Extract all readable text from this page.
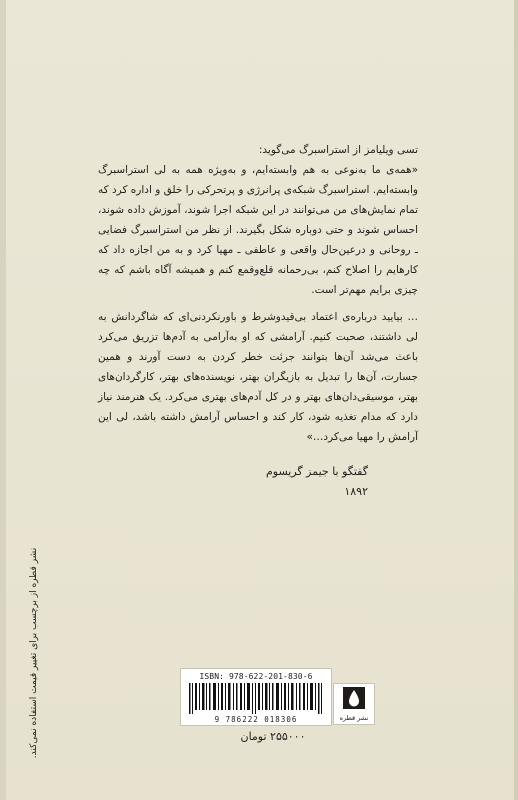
تسی ویلیامز از استراسبرگ می‌گوید:

«همه‌ی ما به‌نوعی به هم وابسته‌ایم، و به‌ویژه همه به لی استراسبرگ وابسته‌ایم. استراسبرگ شبکه‌ی پرانرژی و پرتحرکی را خلق و اداره کرد که تمام نمایش‌های من می‌توانند در این شبکه اجرا شوند، آموزش داده شوند، احساس شوند و حتی دوباره شکل بگیرند. از نظر من استراسبرگ فضایی ـ روحانی و درعین‌حال واقعی و عاطفی ـ مهیا کرد و به من اجازه داد که کارهایم را اصلاح کنم، بی‌رحمانه قلع‌وقمع کنم و همیشه آگاه باشم که چه چیزی برایم مهم‌تر است.

… بیایید درباره‌ی اعتماد بی‌قیدوشرط و باورنکردنی‌ای که شاگردانش به لی داشتند، صحبت کنیم. آرامشی که او به‌آرامی به آدم‌ها تزریق می‌کرد باعث می‌شد آن‌ها بتوانند جرئت خطر کردن به دست آورند و همین جسارت، آن‌ها را تبدیل به بازیگران بهتر، نویسنده‌های بهتر، کارگردان‌های بهتر، موسیقی‌دان‌های بهتر و در کل آدم‌های بهتری می‌کرد. یک هنرمند نیاز دارد که مدام تغذیه شود، کار کند و احساس آرامش داشته باشد، لی این آرامش را مهیا می‌کرد…»

گفتگو با جیمز گریسوم
۱۸۹۲
نشر قطره از برچسب برای تغییر قیمت استفاده نمی‌کند.	ISBN: 978-622-201-830-6
9 786222 018306	نشر قطره
۲۵۵۰۰۰ تومان
